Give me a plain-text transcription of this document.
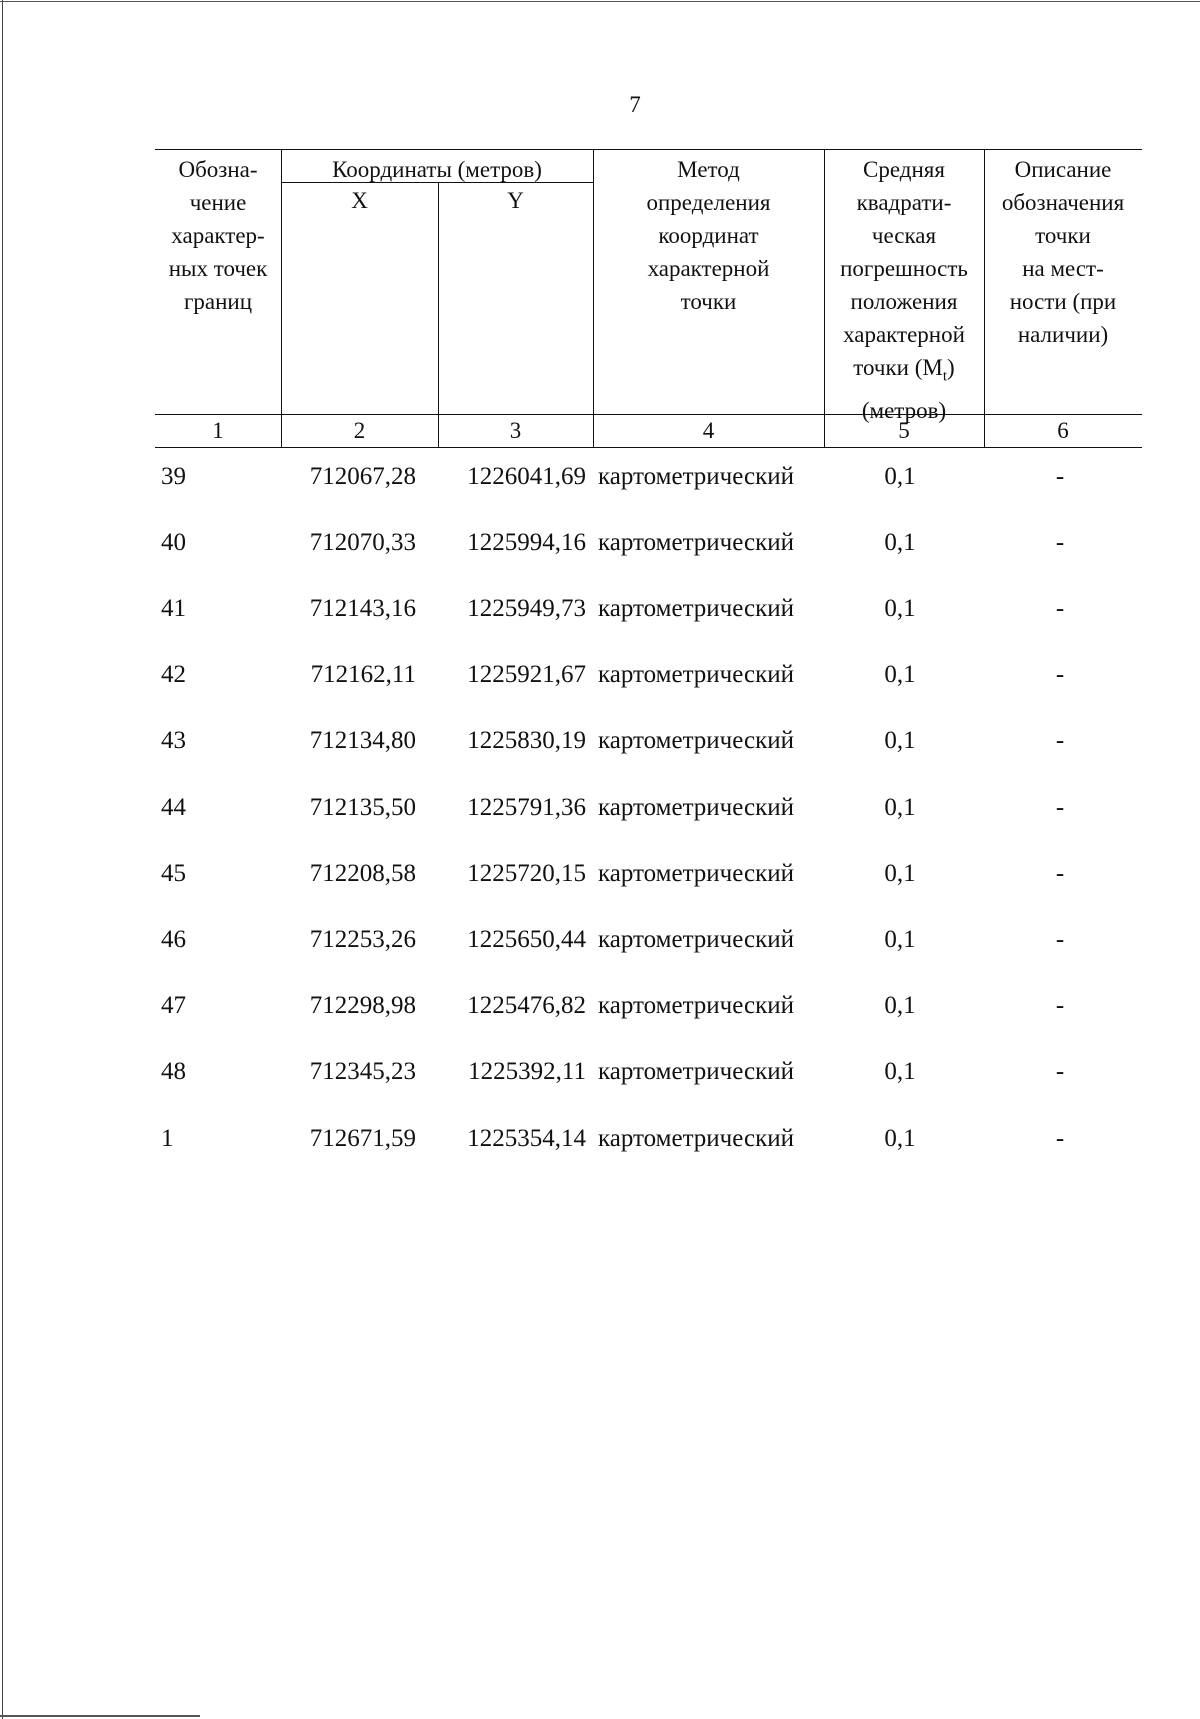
7
Обозна-
чение
характер-
ных точек
границ
Координаты (метров)
X	Y
Метод
определения
координат
характерной
точки
Средняя
квадрати-
ческая
погрешность
положения
характерной
точки $(M_t)$
(метров)
Описание
обозначения
точки
на мест-
ности (при
наличии)
1	2	3	4	5	6
39	712067,28	1226041,69 картометрический	0,1	-
40	712070,33	1225994,16 картометрический	0,1	-
41	712143,16	1225949,73 картометрический	0,1	-
42	712162,11	1225921,67 картометрический	0,1	-
43	712134,80	1225830,19 картометрический	0,1	-
44	712135,50	1225791,36 картометрический	0,1	-
45	712208,58	1225720,15 картометрический	0,1	-
46	712253,26	1225650,44 картометрический	0,1	-
47	712298,98	1225476,82 картометрический	0,1	-
48	712345,23	1225392,11 картометрический	0,1	-
1	712671,59	1225354,14 картометрический	0,1	-
